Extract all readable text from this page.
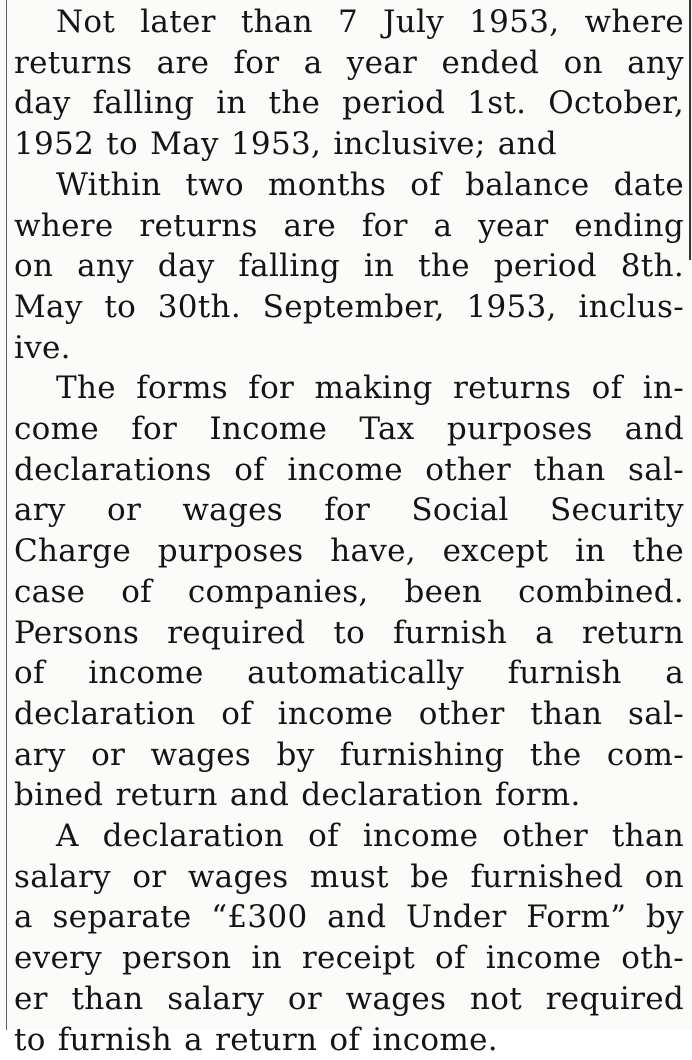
Not later than 7 July 1953, where
returns are for a year ended on any
day falling in the period 1st. October,
1952 to May 1953, inclusive; and

Within two months of balance date
where returns are for a year ending
on any day falling in the period 8th.
May to 30th. September, 1953, inclus-
ive.

The forms for making returns of in-
come for Income Tax purposes and
declarations of income other than sal-
ary or wages for Social Security
Charge purposes have, except in the
case of companies, been combined.
Persons required to furnish a return
of income automatically furnish a
declaration of income other than sal-
ary or wages by furnishing the com-
bined return and declaration form.

A declaration of income other than
salary or wages must be furnished on
a separate “£300 and Under Form” by
every person in receipt of income oth-
er than salary or wages not required
to furnish a return of income.
